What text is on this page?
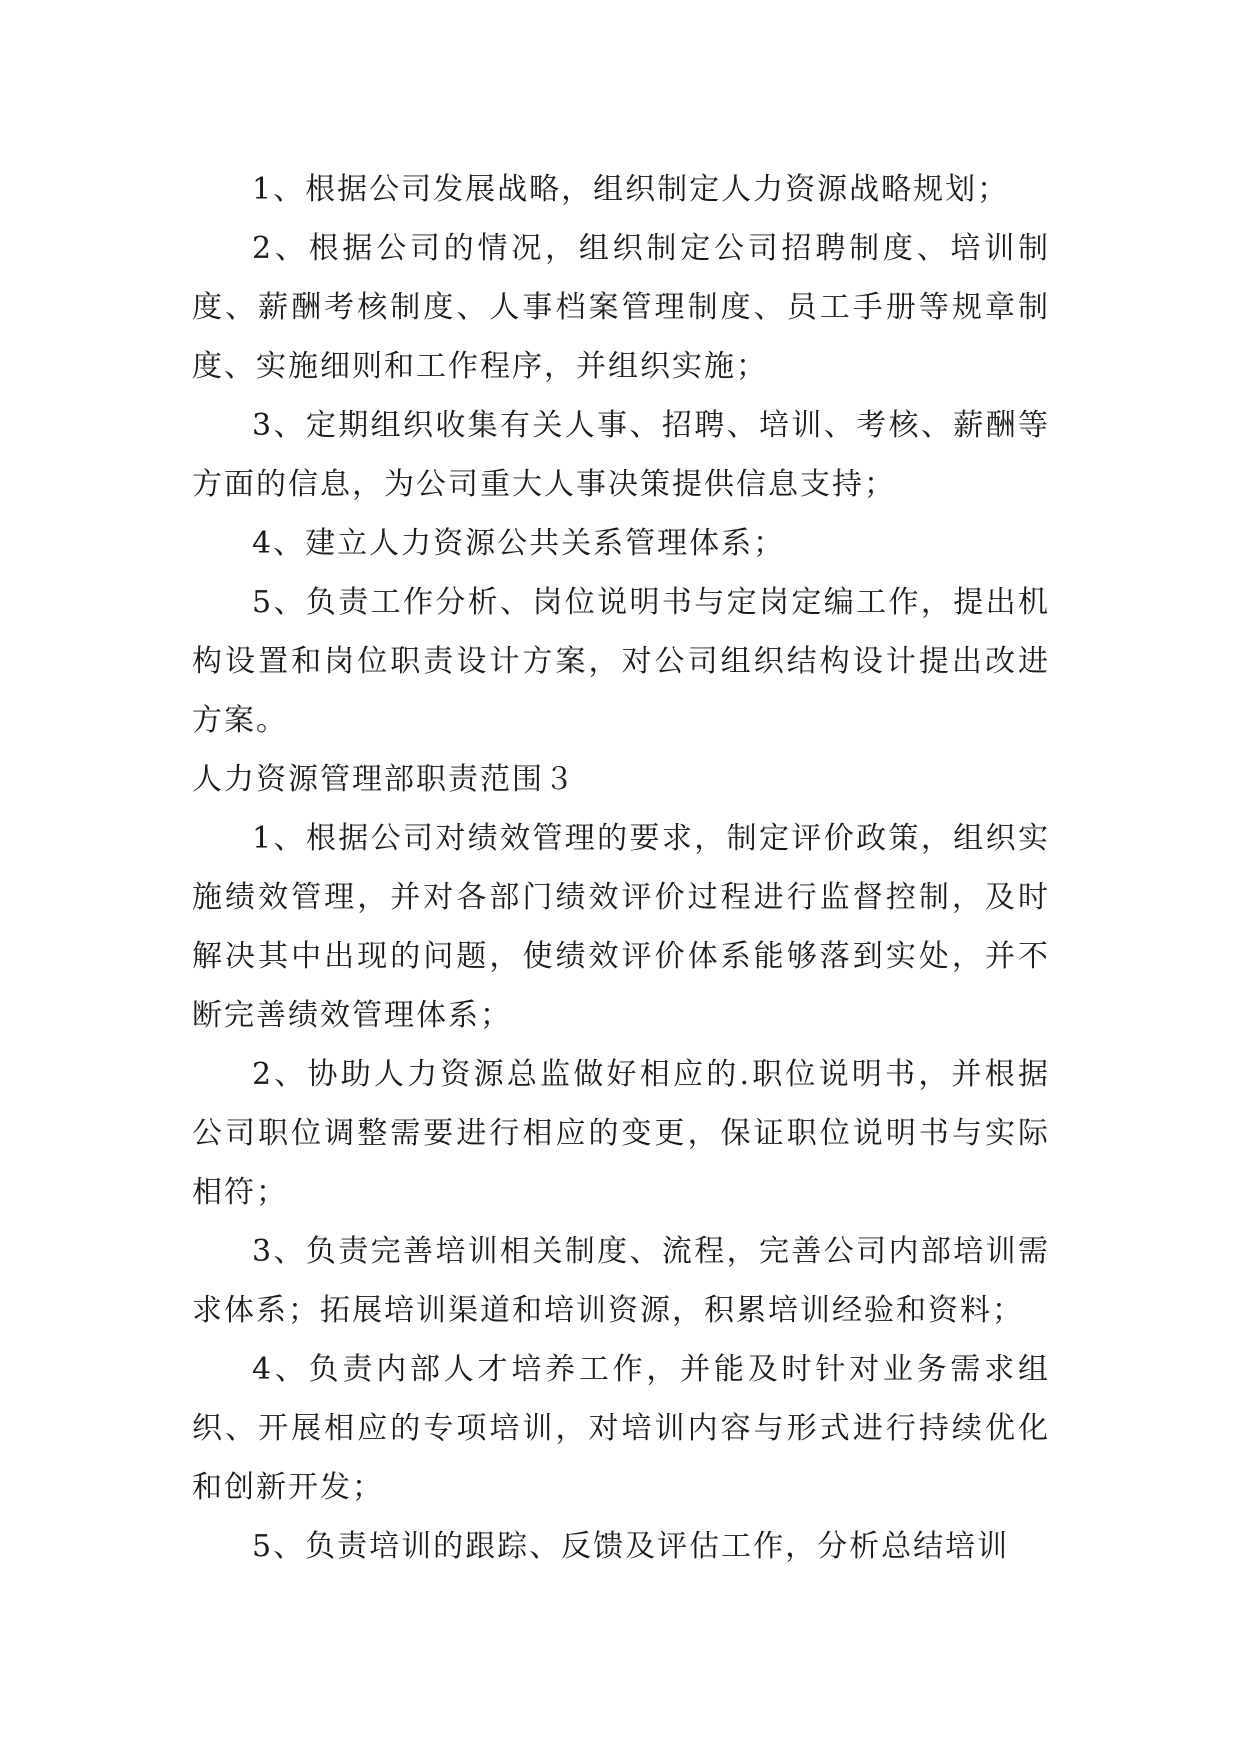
1、根据公司发展战略，组织制定人力资源战略规划；

2、根据公司的情况，组织制定公司招聘制度、培训制度、薪酬考核制度、人事档案管理制度、员工手册等规章制度、实施细则和工作程序，并组织实施；

3、定期组织收集有关人事、招聘、培训、考核、薪酬等方面的信息，为公司重大人事决策提供信息支持；

4、建立人力资源公共关系管理体系；

5、负责工作分析、岗位说明书与定岗定编工作，提出机构设置和岗位职责设计方案，对公司组织结构设计提出改进方案。

人力资源管理部职责范围３

1、根据公司对绩效管理的要求，制定评价政策，组织实施绩效管理，并对各部门绩效评价过程进行监督控制，及时解决其中出现的问题，使绩效评价体系能够落到实处，并不断完善绩效管理体系；

2、协助人力资源总监做好相应的.职位说明书，并根据公司职位调整需要进行相应的变更，保证职位说明书与实际相符；

3、负责完善培训相关制度、流程，完善公司内部培训需求体系；拓展培训渠道和培训资源，积累培训经验和资料；

4、负责内部人才培养工作，并能及时针对业务需求组织、开展相应的专项培训，对培训内容与形式进行持续优化和创新开发；

5、负责培训的跟踪、反馈及评估工作，分析总结培训
